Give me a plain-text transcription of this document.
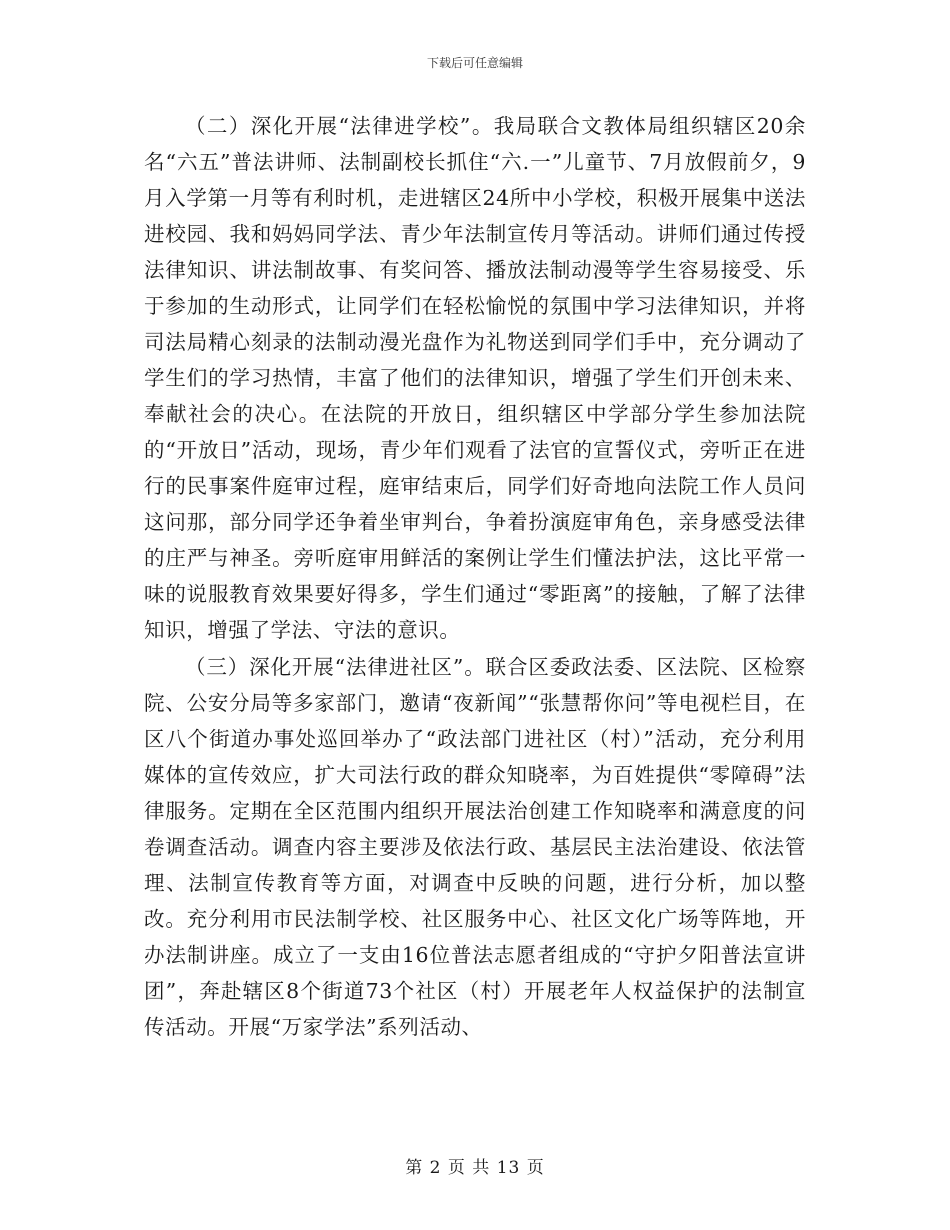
下载后可任意编辑

（二）深化开展“法律进学校”。我局联合文教体局组织辖区20余名“六五”普法讲师、法制副校长抓住“六.一”儿童节、7月放假前夕，9月入学第一月等有利时机，走进辖区24所中小学校，积极开展集中送法进校园、我和妈妈同学法、青少年法制宣传月等活动。讲师们通过传授法律知识、讲法制故事、有奖问答、播放法制动漫等学生容易接受、乐于参加的生动形式，让同学们在轻松愉悦的氛围中学习法律知识，并将司法局精心刻录的法制动漫光盘作为礼物送到同学们手中，充分调动了学生们的学习热情，丰富了他们的法律知识，增强了学生们开创未来、奉献社会的决心。在法院的开放日，组织辖区中学部分学生参加法院的“开放日”活动，现场，青少年们观看了法官的宣誓仪式，旁听正在进行的民事案件庭审过程，庭审结束后，同学们好奇地向法院工作人员问这问那，部分同学还争着坐审判台，争着扮演庭审角色，亲身感受法律的庄严与神圣。旁听庭审用鲜活的案例让学生们懂法护法，这比平常一味的说服教育效果要好得多，学生们通过“零距离”的接触，了解了法律知识，增强了学法、守法的意识。

（三）深化开展“法律进社区”。联合区委政法委、区法院、区检察院、公安分局等多家部门，邀请“夜新闻”“张慧帮你问”等电视栏目，在区八个街道办事处巡回举办了“政法部门进社区（村）”活动，充分利用媒体的宣传效应，扩大司法行政的群众知晓率，为百姓提供“零障碍”法律服务。定期在全区范围内组织开展法治创建工作知晓率和满意度的问卷调查活动。调查内容主要涉及依法行政、基层民主法治建设、依法管理、法制宣传教育等方面，对调查中反映的问题，进行分析，加以整改。充分利用市民法制学校、社区服务中心、社区文化广场等阵地，开办法制讲座。成立了一支由16位普法志愿者组成的“守护夕阳普法宣讲团”，奔赴辖区8个街道73个社区（村）开展老年人权益保护的法制宣传活动。开展“万家学法”系列活动、

第 2 页 共 13 页
